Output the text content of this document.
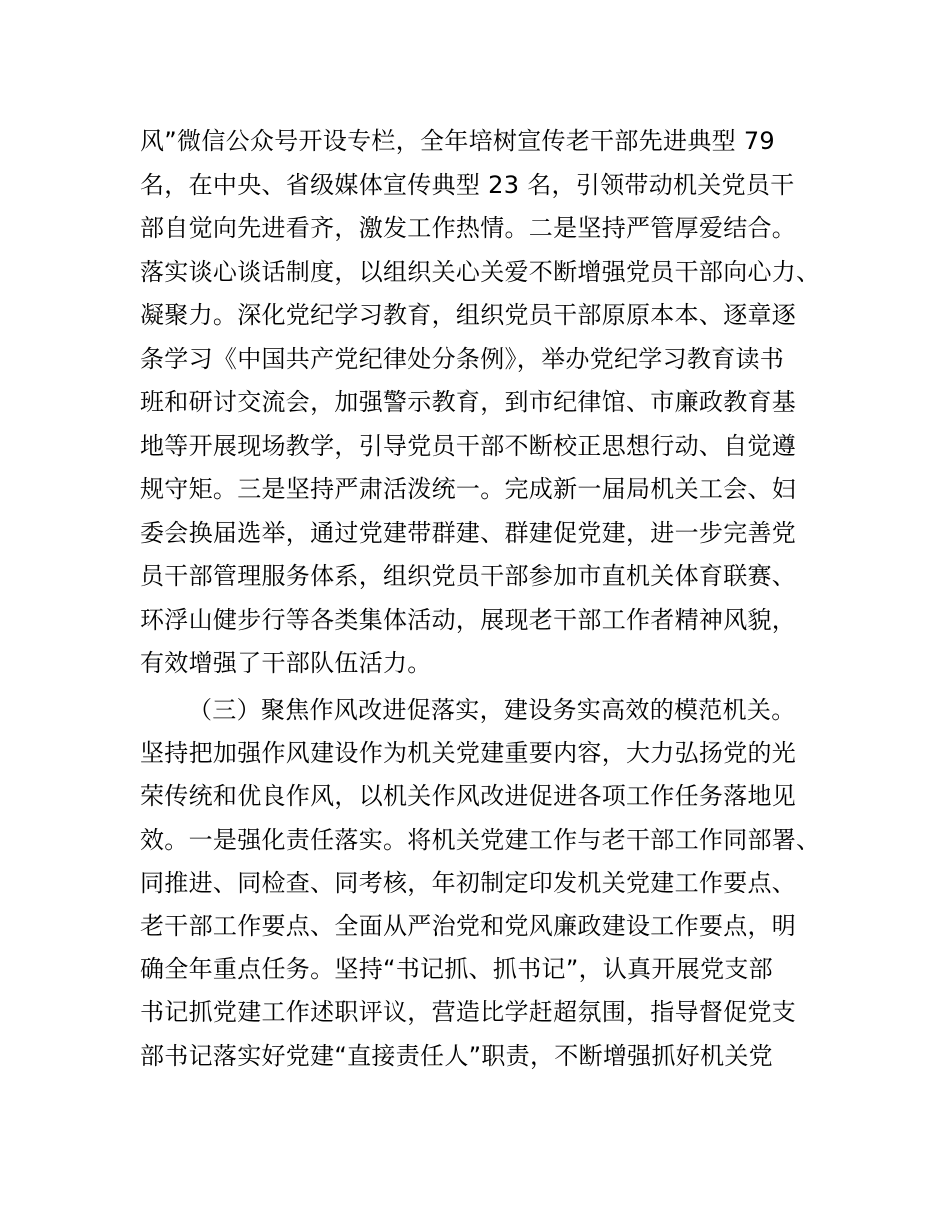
风”微信公众号开设专栏，全年培树宣传老干部先进典型 79
名，在中央、省级媒体宣传典型 23 名，引领带动机关党员干
部自觉向先进看齐，激发工作热情。二是坚持严管厚爱结合。
落实谈心谈话制度，以组织关心关爱不断增强党员干部向心力、
凝聚力。深化党纪学习教育，组织党员干部原原本本、逐章逐
条学习《中国共产党纪律处分条例》，举办党纪学习教育读书
班和研讨交流会，加强警示教育，到市纪律馆、市廉政教育基
地等开展现场教学，引导党员干部不断校正思想行动、自觉遵
规守矩。三是坚持严肃活泼统一。完成新一届局机关工会、妇
委会换届选举，通过党建带群建、群建促党建，进一步完善党
员干部管理服务体系，组织党员干部参加市直机关体育联赛、
环浮山健步行等各类集体活动，展现老干部工作者精神风貌，
有效增强了干部队伍活力。
（三）聚焦作风改进促落实，建设务实高效的模范机关。
坚持把加强作风建设作为机关党建重要内容，大力弘扬党的光
荣传统和优良作风，以机关作风改进促进各项工作任务落地见
效。一是强化责任落实。将机关党建工作与老干部工作同部署、
同推进、同检查、同考核，年初制定印发机关党建工作要点、
老干部工作要点、全面从严治党和党风廉政建设工作要点，明
确全年重点任务。坚持“书记抓、抓书记”，认真开展党支部
书记抓党建工作述职评议，营造比学赶超氛围，指导督促党支
部书记落实好党建“直接责任人”职责，不断增强抓好机关党
